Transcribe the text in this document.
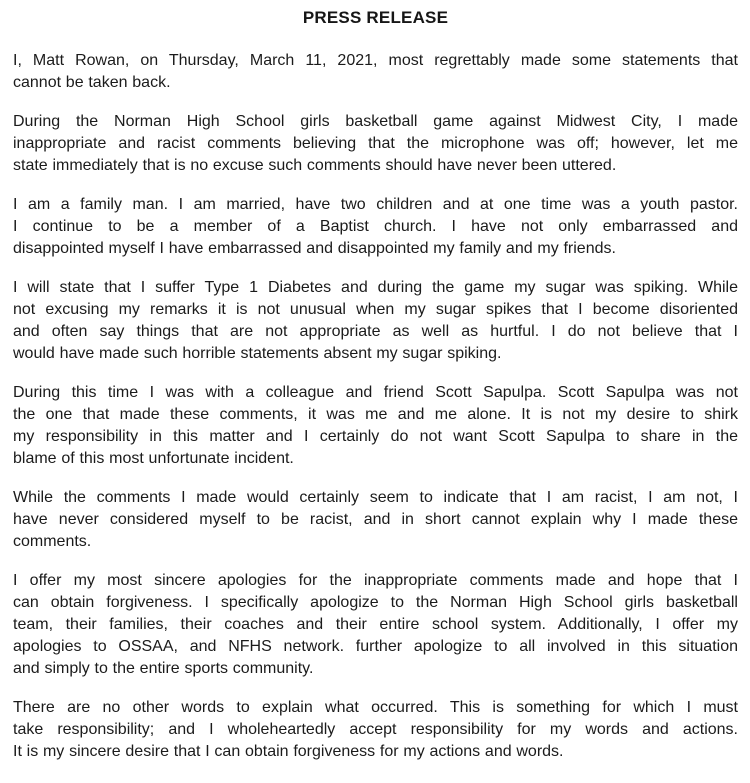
PRESS RELEASE
I, Matt Rowan, on Thursday, March 11, 2021, most regrettably made some statements that
cannot be taken back.
During the Norman High School girls basketball game against Midwest City, I made
inappropriate and racist comments believing that the microphone was off; however, let me
state immediately that is no excuse such comments should have never been uttered.
I am a family man. I am married, have two children and at one time was a youth pastor.
I continue to be a member of a Baptist church. I have not only embarrassed and
disappointed myself I have embarrassed and disappointed my family and my friends.
I will state that I suffer Type 1 Diabetes and during the game my sugar was spiking. While
not excusing my remarks it is not unusual when my sugar spikes that I become disoriented
and often say things that are not appropriate as well as hurtful. I do not believe that I
would have made such horrible statements absent my sugar spiking.
During this time I was with a colleague and friend Scott Sapulpa. Scott Sapulpa was not
the one that made these comments, it was me and me alone. It is not my desire to shirk
my responsibility in this matter and I certainly do not want Scott Sapulpa to share in the
blame of this most unfortunate incident.
While the comments I made would certainly seem to indicate that I am racist, I am not, I
have never considered myself to be racist, and in short cannot explain why I made these
comments.
I offer my most sincere apologies for the inappropriate comments made and hope that I
can obtain forgiveness. I specifically apologize to the Norman High School girls basketball
team, their families, their coaches and their entire school system. Additionally, I offer my
apologies to OSSAA, and NFHS network. further apologize to all involved in this situation
and simply to the entire sports community.
There are no other words to explain what occurred. This is something for which I must
take responsibility; and I wholeheartedly accept responsibility for my words and actions.
It is my sincere desire that I can obtain forgiveness for my actions and words.
